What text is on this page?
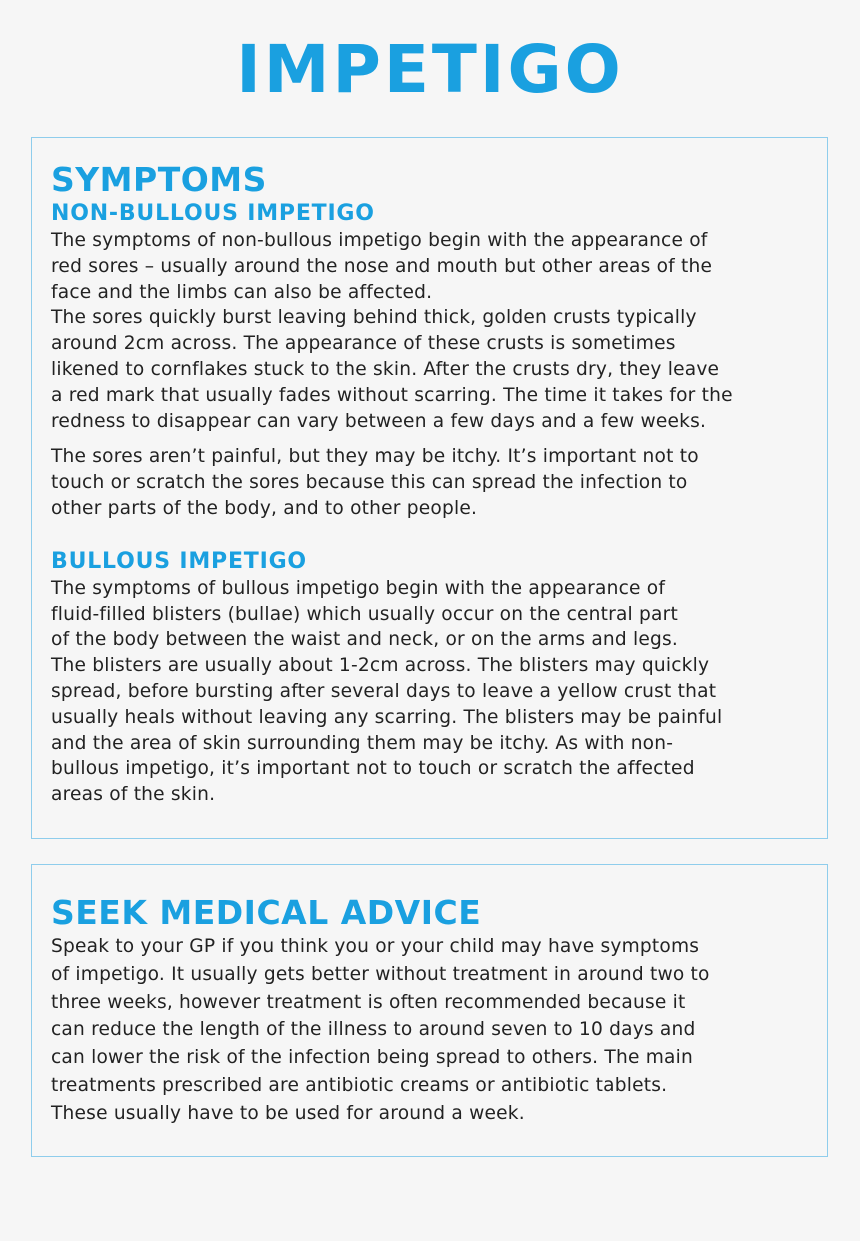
IMPETIGO
SYMPTOMS
NON-BULLOUS IMPETIGO

The symptoms of non-bullous impetigo begin with the appearance of
red sores – usually around the nose and mouth but other areas of the
face and the limbs can also be affected.
The sores quickly burst leaving behind thick, golden crusts typically
around 2cm across. The appearance of these crusts is sometimes
likened to cornflakes stuck to the skin. After the crusts dry, they leave
a red mark that usually fades without scarring. The time it takes for the
redness to disappear can vary between a few days and a few weeks.

The sores aren’t painful, but they may be itchy. It’s important not to
touch or scratch the sores because this can spread the infection to
other parts of the body, and to other people.

BULLOUS IMPETIGO

The symptoms of bullous impetigo begin with the appearance of
fluid-filled blisters (bullae) which usually occur on the central part
of the body between the waist and neck, or on the arms and legs.
The blisters are usually about 1-2cm across. The blisters may quickly
spread, before bursting after several days to leave a yellow crust that
usually heals without leaving any scarring. The blisters may be painful
and the area of skin surrounding them may be itchy. As with non-
bullous impetigo, it’s important not to touch or scratch the affected
areas of the skin.

SEEK MEDICAL ADVICE

Speak to your GP if you think you or your child may have symptoms
of impetigo. It usually gets better without treatment in around two to
three weeks, however treatment is often recommended because it
can reduce the length of the illness to around seven to 10 days and
can lower the risk of the infection being spread to others. The main
treatments prescribed are antibiotic creams or antibiotic tablets.
These usually have to be used for around a week.
